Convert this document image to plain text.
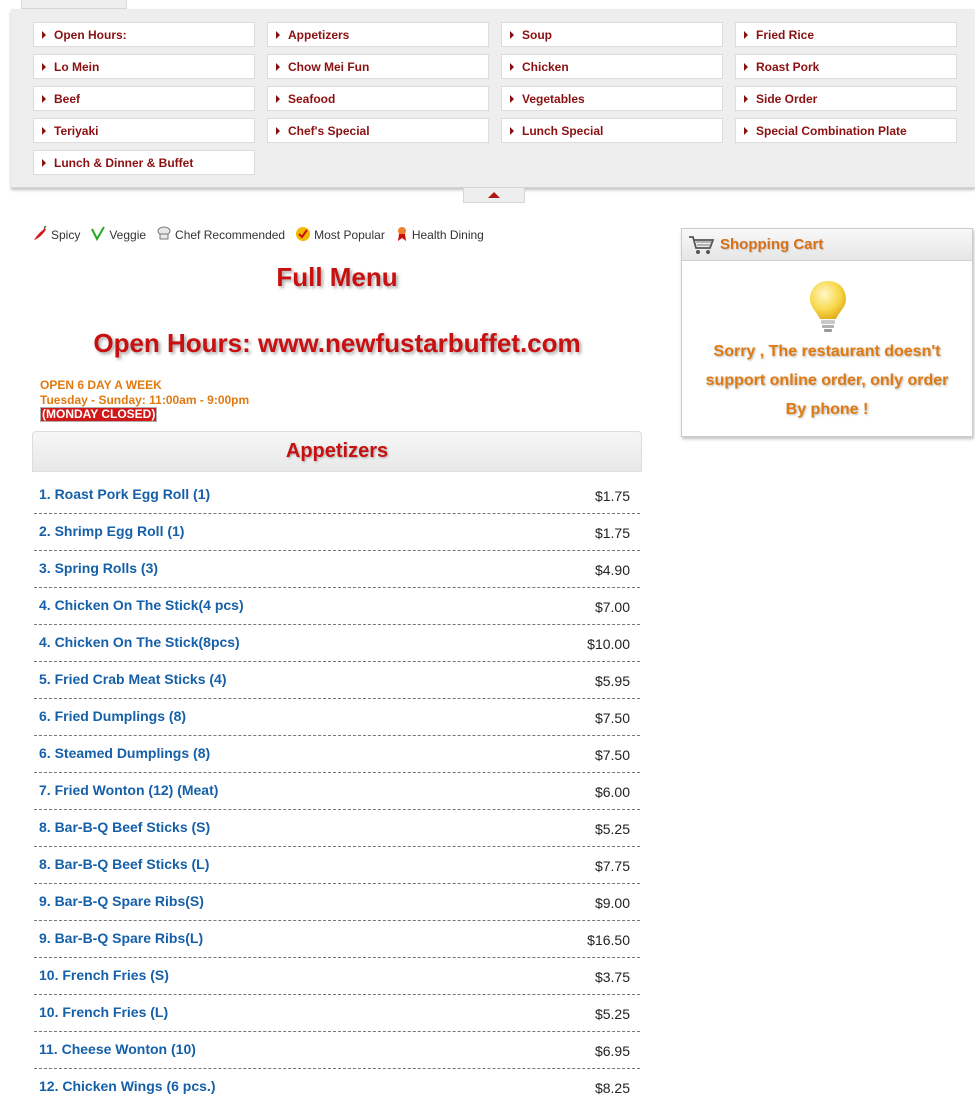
Open Hours:	Appetizers	Soup	Fried Rice
Lo Mein	Chow Mei Fun	Chicken	Roast Pork
Beef	Seafood	Vegetables	Side Order
Teriyaki	Chef's Special	Lunch Special	Special Combination Plate
Lunch & Dinner & Buffet
Spicy Veggie Chef Recommended Most Popular Health Dining
Full Menu
Open Hours: www.newfustarbuffet.com
OPEN 6 DAY A WEEK
Tuesday - Sunday: 11:00am - 9:00pm
(MONDAY CLOSED)
Appetizers
1. Roast Pork Egg Roll (1)	$1.75
2. Shrimp Egg Roll (1)	$1.75
3. Spring Rolls (3)	$4.90
4. Chicken On The Stick(4 pcs)	$7.00
4. Chicken On The Stick(8pcs)	$10.00
5. Fried Crab Meat Sticks (4)	$5.95
6. Fried Dumplings (8)	$7.50
6. Steamed Dumplings (8)	$7.50
7. Fried Wonton (12) (Meat)	$6.00
8. Bar-B-Q Beef Sticks (S)	$5.25
8. Bar-B-Q Beef Sticks (L)	$7.75
9. Bar-B-Q Spare Ribs(S)	$9.00
9. Bar-B-Q Spare Ribs(L)	$16.50
10. French Fries (S)	$3.75
10. French Fries (L)	$5.25
11. Cheese Wonton (10)	$6.95
12. Chicken Wings (6 pcs.)	$8.25
Shopping Cart
Sorry , The restaurant doesn't
support online order, only order
By phone !
